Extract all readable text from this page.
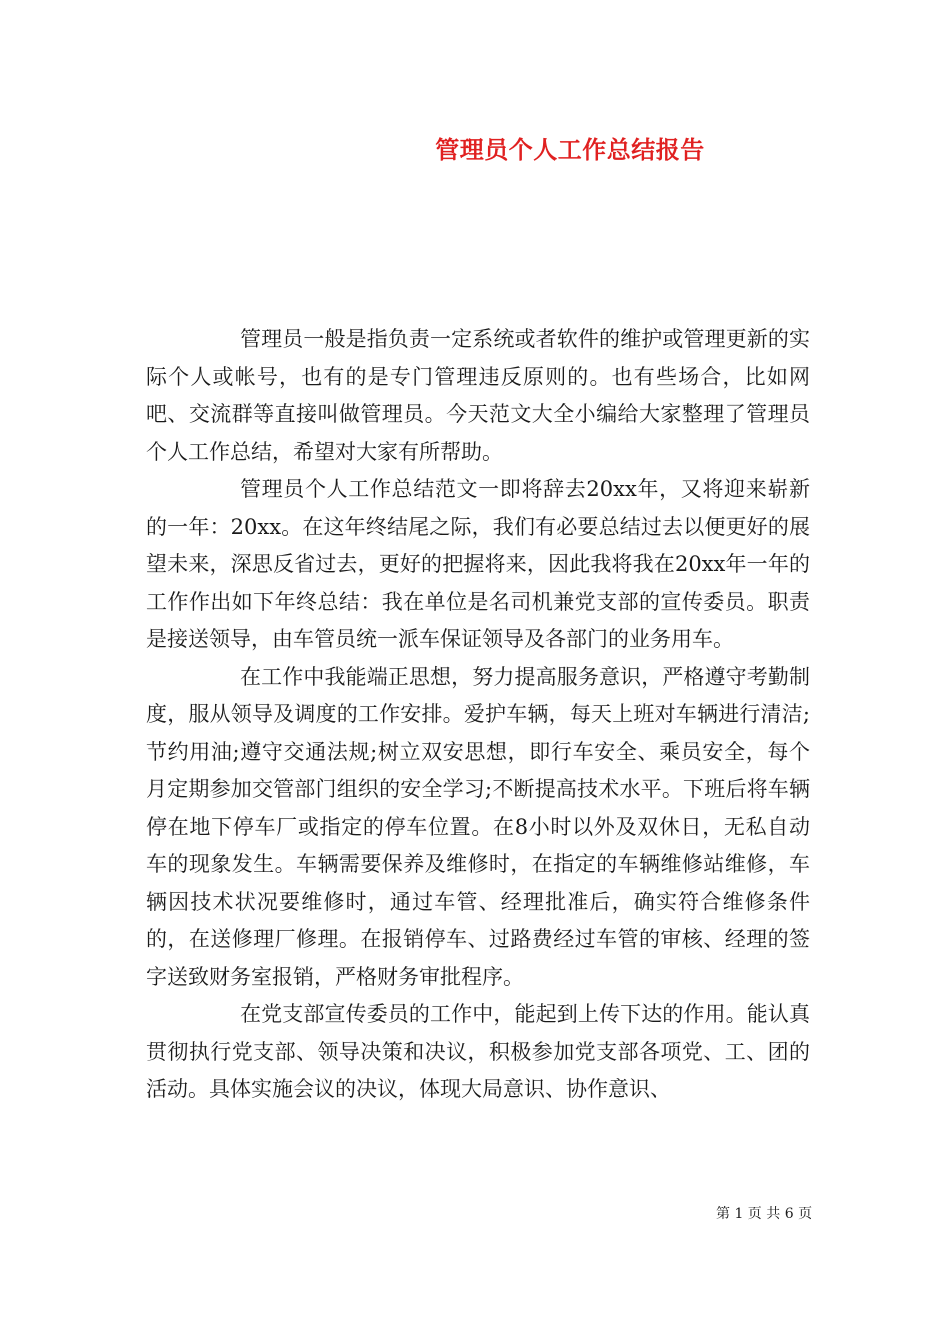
管理员个人工作总结报告

管理员一般是指负责一定系统或者软件的维护或管理更新的实际个人或帐号，也有的是专门管理违反原则的。也有些场合，比如网吧、交流群等直接叫做管理员。今天范文大全小编给大家整理了管理员个人工作总结，希望对大家有所帮助。

管理员个人工作总结范文一即将辞去20xx年，又将迎来崭新的一年：20xx。在这年终结尾之际，我们有必要总结过去以便更好的展望未来，深思反省过去，更好的把握将来，因此我将我在20xx年一年的工作作出如下年终总结：我在单位是名司机兼党支部的宣传委员。职责是接送领导，由车管员统一派车保证领导及各部门的业务用车。

在工作中我能端正思想，努力提高服务意识，严格遵守考勤制度，服从领导及调度的工作安排。爱护车辆，每天上班对车辆进行清洁;节约用油;遵守交通法规;树立双安思想，即行车安全、乘员安全，每个月定期参加交管部门组织的安全学习;不断提高技术水平。下班后将车辆停在地下停车厂或指定的停车位置。在8小时以外及双休日，无私自动车的现象发生。车辆需要保养及维修时，在指定的车辆维修站维修，车辆因技术状况要维修时，通过车管、经理批准后，确实符合维修条件的，在送修理厂修理。在报销停车、过路费经过车管的审核、经理的签字送致财务室报销，严格财务审批程序。

在党支部宣传委员的工作中，能起到上传下达的作用。能认真贯彻执行党支部、领导决策和决议，积极参加党支部各项党、工、团的活动。具体实施会议的决议，体现大局意识、协作意识、

第 1 页 共 6 页
